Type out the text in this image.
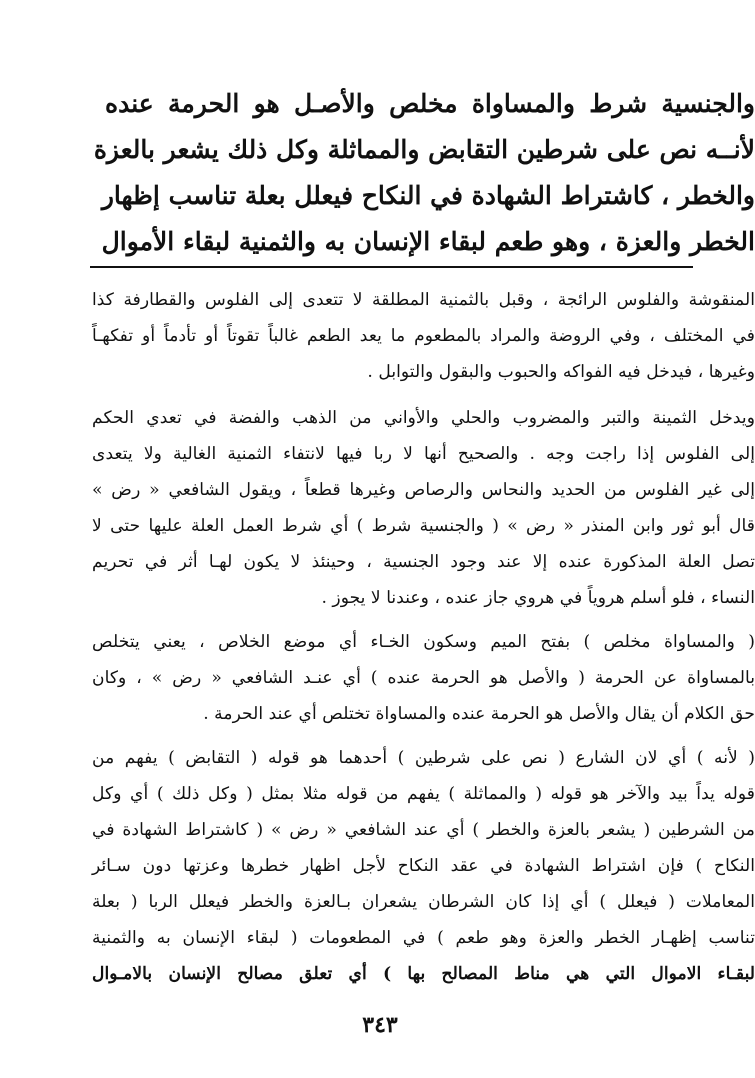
والجنسية شرط والمساواة مخلص والأصـل هو الحرمة عنده
لأنــه نص على شرطين التقابض والمماثلة وكل ذلك يشعر بالعزة
والخطر ، كاشتراط الشهادة في النكاح فيعلل بعلة تناسب إظهار
الخطر والعزة ، وهو طعم لبقاء الإنسان به والثمنية لبقاء الأموال
المنقوشة والفلوس الرائجة ، وقبل بالثمنية المطلقة لا تتعدى إلى الفلوس والقطارفة كذا
في المختلف ، وفي الروضة والمراد بالمطعوم ما يعد الطعم غالباً تقوتاً أو تأدماً أو تفكهـاً
وغيرها ، فيدخل فيه الفواكه والحبوب والبقول والتوابل .
ويدخل الثمينة والتبر والمضروب والحلي والأواني من الذهب والفضة في تعدي الحكم
إلى الفلوس إذا راجت وجه . والصحيح أنها لا ربا فيها لانتفاء الثمنية الغالية ولا يتعدى
إلى غير الفلوس من الحديد والنحاس والرصاص وغيرها قطعاً ، ويقول الشافعي « رض »
قال أبو ثور وابن المنذر « رض » ( والجنسية شرط ) أي شرط العمل العلة عليها حتى لا
تصل العلة المذكورة عنده إلا عند وجود الجنسية ، وحينئذ لا يكون لهـا أثر في تحريم
النساء ، فلو أسلم هروياً في هروي جاز عنده ، وعندنا لا يجوز .
( والمساواة مخلص ) بفتح الميم وسكون الخـاء أي موضع الخلاص ، يعني يتخلص
بالمساواة عن الحرمة ( والأصل هو الحرمة عنده ) أي عنـد الشافعي « رض » ، وكان
حق الكلام أن يقال والأصل هو الحرمة عنده والمساواة تختلص أي عند الحرمة .
( لأنه ) أي لان الشارع ( نص على شرطين ) أحدهما هو قوله ( التقابض ) يفهم من
قوله يداً بيد والآخر هو قوله ( والمماثلة ) يفهم من قوله مثلا بمثل ( وكل ذلك ) أي وكل
من الشرطين ( يشعر بالعزة والخطر ) أي عند الشافعي « رض » ( كاشتراط الشهادة في
النكاح ) فإن اشتراط الشهادة في عقد النكاح لأجل اظهار خطرها وعزتها دون سـائر
المعاملات ( فيعلل ) أي إذا كان الشرطان يشعران بـالعزة والخطر فيعلل الربا ( بعلة
تناسب إظهـار الخطر والعزة وهو طعم ) في المطعومات ( لبقاء الإنسان به والثمنية
لبقـاء الاموال التي هي مناط المصالح بها ) أي تعلق مصالح الإنسان بالامـوال
٣٤٣
